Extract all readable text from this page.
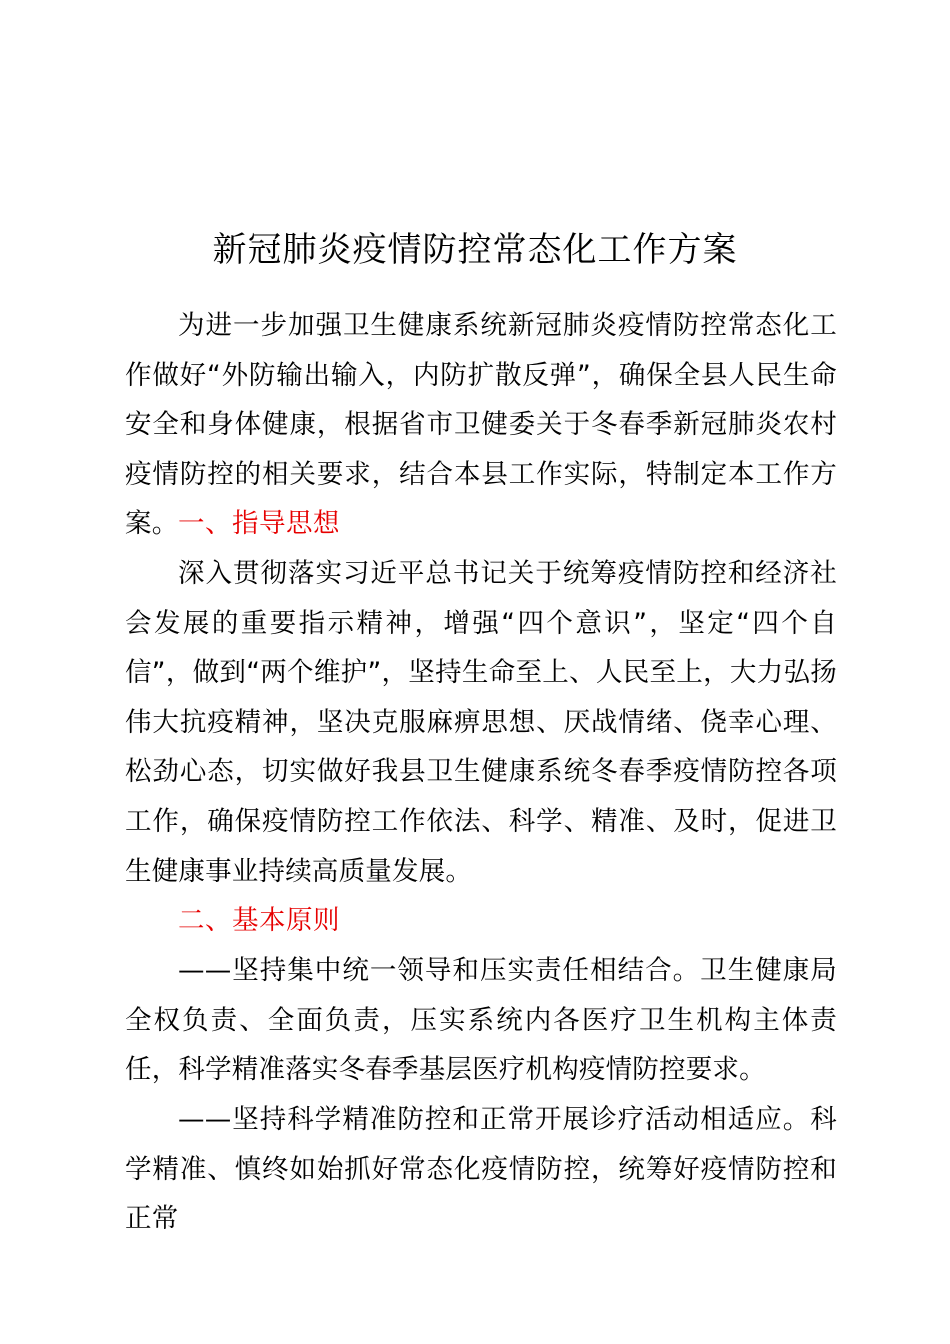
新冠肺炎疫情防控常态化工作方案

为进一步加强卫生健康系统新冠肺炎疫情防控常态化工作做好“外防输出输入，内防扩散反弹”，确保全县人民生命安全和身体健康，根据省市卫健委关于冬春季新冠肺炎农村疫情防控的相关要求，结合本县工作实际，特制定本工作方案。 一、指导思想

深入贯彻落实习近平总书记关于统筹疫情防控和经济社会发展的重要指示精神，增强“四个意识”，坚定“四个自信”，做到“两个维护”，坚持生命至上、人民至上，大力弘扬伟大抗疫精神，坚决克服麻痹思想、厌战情绪、侥幸心理、松劲心态，切实做好我县卫生健康系统冬春季疫情防控各项工作，确保疫情防控工作依法、科学、精准、及时，促进卫生健康事业持续高质量发展。

二、基本原则

——坚持集中统一领导和压实责任相结合。卫生健康局全权负责、全面负责，压实系统内各医疗卫生机构主体责任，科学精准落实冬春季基层医疗机构疫情防控要求。

——坚持科学精准防控和正常开展诊疗活动相适应。科学精准、慎终如始抓好常态化疫情防控，统筹好疫情防控和正常
